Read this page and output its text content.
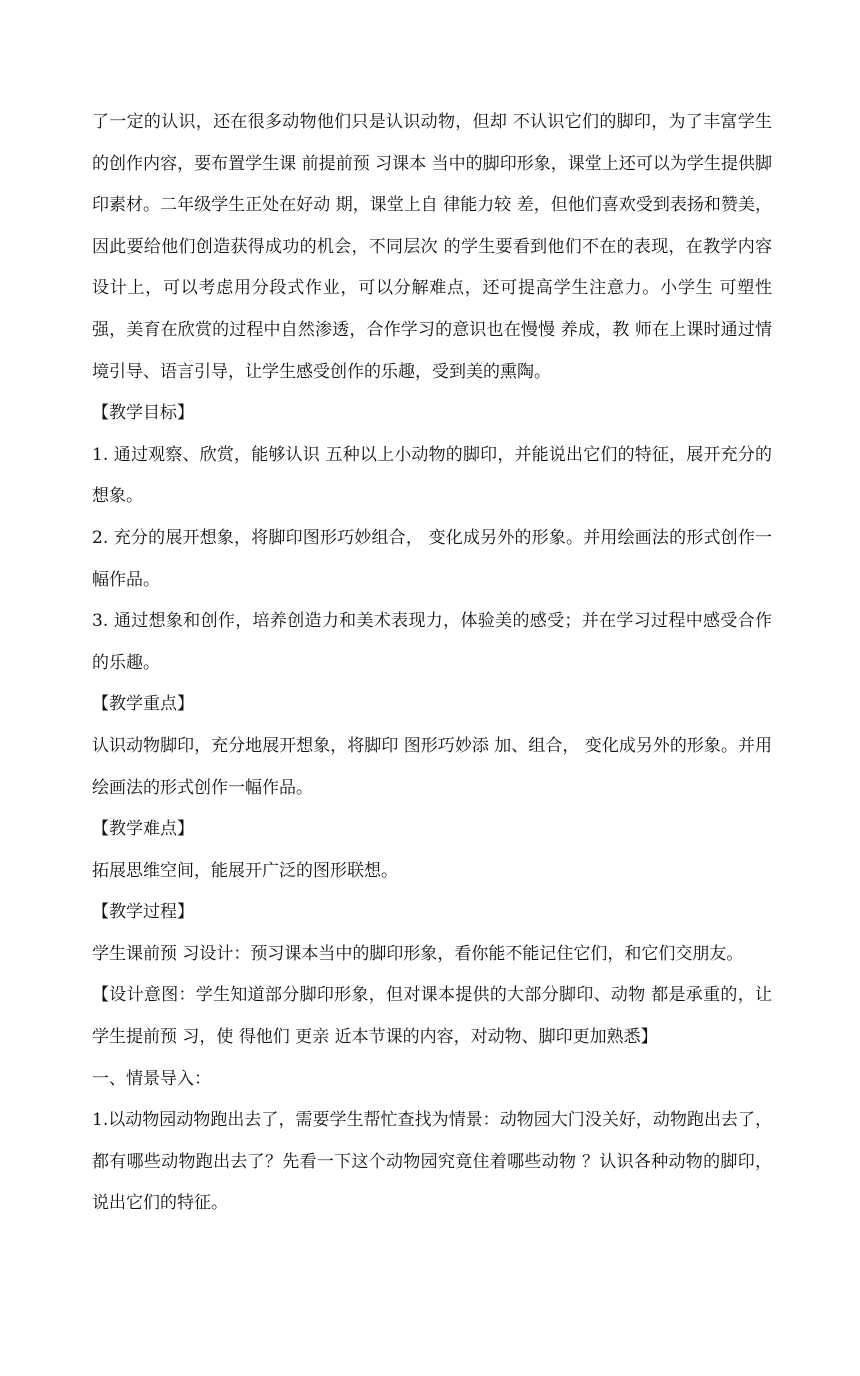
了一定的认识，还在很多动物他们只是认识动物，但却 不认识它们的脚印，为了丰富学生的创作内容，要布置学生课 前提前预 习课本 当中的脚印形象，课堂上还可以为学生提供脚印素材。二年级学生正处在好动 期，课堂上自 律能力较 差，但他们喜欢受到表扬和赞美，因此要给他们创造获得成功的机会，不同层次 的学生要看到他们不在的表现，在教学内容设计上，可以考虑用分段式作业，可以分解难点，还可提高学生注意力。小学生 可塑性强，美育在欣赏的过程中自然渗透，合作学习的意识也在慢慢 养成，教 师在上课时通过情境引导、语言引导，让学生感受创作的乐趣，受到美的熏陶。

【教学目标】

1. 通过观察、欣赏，能够认识 五种以上小动物的脚印，并能说出它们的特征，展开充分的想象。

2. 充分的展开想象，将脚印图形巧妙组合， 变化成另外的形象。并用绘画法的形式创作一幅作品。

3. 通过想象和创作，培养创造力和美术表现力，体验美的感受；并在学习过程中感受合作的乐趣。

【教学重点】

认识动物脚印，充分地展开想象，将脚印 图形巧妙添 加、组合， 变化成另外的形象。并用绘画法的形式创作一幅作品。

【教学难点】

拓展思维空间，能展开广泛的图形联想。

【教学过程】

学生课前预 习设计：预习课本当中的脚印形象，看你能不能记住它们，和它们交朋友。

【设计意图：学生知道部分脚印形象，但对课本提供的大部分脚印、动物 都是承重的，让学生提前预 习，使 得他们 更亲 近本节课的内容，对动物、脚印更加熟悉】

一、情景导入：

1.以动物园动物跑出去了，需要学生帮忙查找为情景：动物园大门没关好，动物跑出去了，都有哪些动物跑出去了？先看一下这个动物园究竟住着哪些动物 ？认识各种动物的脚印，说出它们的特征。
